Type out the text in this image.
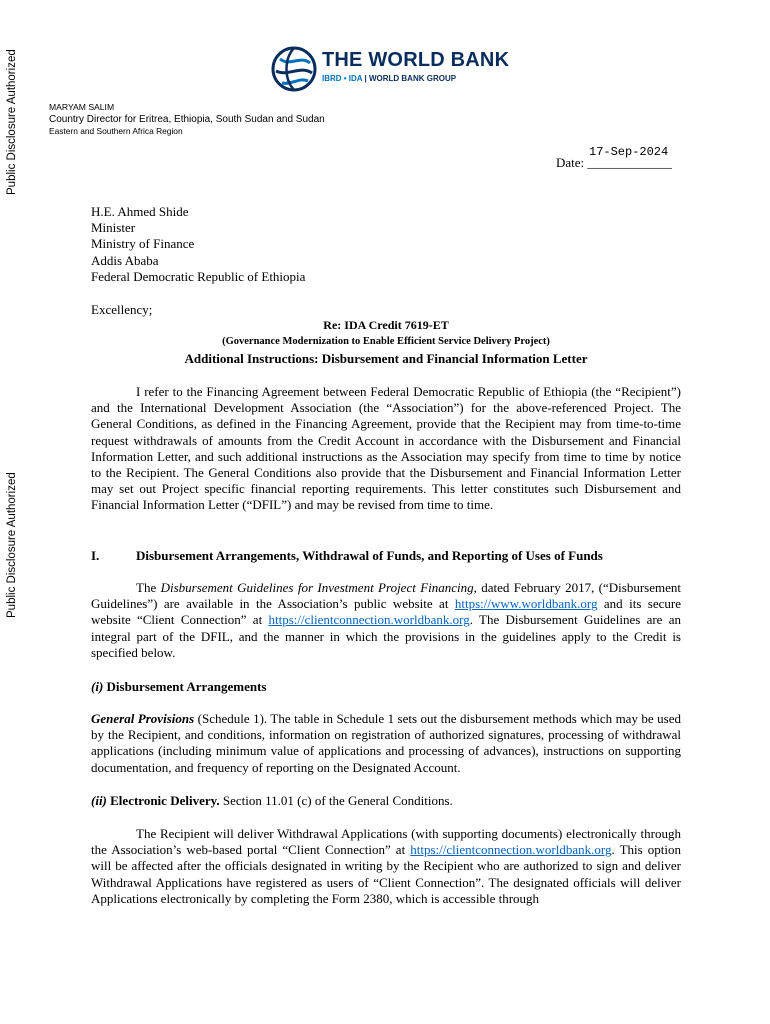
Public Disclosure Authorized
Public Disclosure Authorized
THE WORLD BANK
IBRD • IDA | WORLD BANK GROUP
MARYAM SALIM
Country Director for Eritrea, Ethiopia, South Sudan and Sudan
Eastern and Southern Africa Region
17-Sep-2024
Date: _____________
H.E. Ahmed Shide
Minister
Ministry of Finance
Addis Ababa
Federal Democratic Republic of Ethiopia
Excellency;
Re: IDA Credit 7619-ET
(Governance Modernization to Enable Efficient Service Delivery Project)
Additional Instructions: Disbursement and Financial Information Letter
I refer to the Financing Agreement between Federal Democratic Republic of Ethiopia (the “Recipient”) and the International Development Association (the “Association”) for the above-referenced Project. The General Conditions, as defined in the Financing Agreement, provide that the Recipient may from time-to-time request withdrawals of amounts from the Credit Account in accordance with the Disbursement and Financial Information Letter, and such additional instructions as the Association may specify from time to time by notice to the Recipient. The General Conditions also provide that the Disbursement and Financial Information Letter may set out Project specific financial reporting requirements. This letter constitutes such Disbursement and Financial Information Letter (“DFIL”) and may be revised from time to time.
I.	Disbursement Arrangements, Withdrawal of Funds, and Reporting of Uses of Funds
The Disbursement Guidelines for Investment Project Financing, dated February 2017, (“Disbursement Guidelines”) are available in the Association’s public website at https://www.worldbank.org and its secure website “Client Connection” at https://clientconnection.worldbank.org. The Disbursement Guidelines are an integral part of the DFIL, and the manner in which the provisions in the guidelines apply to the Credit is specified below.
(i) Disbursement Arrangements
General Provisions (Schedule 1). The table in Schedule 1 sets out the disbursement methods which may be used by the Recipient, and conditions, information on registration of authorized signatures, processing of withdrawal applications (including minimum value of applications and processing of advances), instructions on supporting documentation, and frequency of reporting on the Designated Account.
(ii) Electronic Delivery. Section 11.01 (c) of the General Conditions.
The Recipient will deliver Withdrawal Applications (with supporting documents) electronically through the Association’s web-based portal “Client Connection” at https://clientconnection.worldbank.org. This option will be affected after the officials designated in writing by the Recipient who are authorized to sign and deliver Withdrawal Applications have registered as users of “Client Connection”. The designated officials will deliver Applications electronically by completing the Form 2380, which is accessible through
